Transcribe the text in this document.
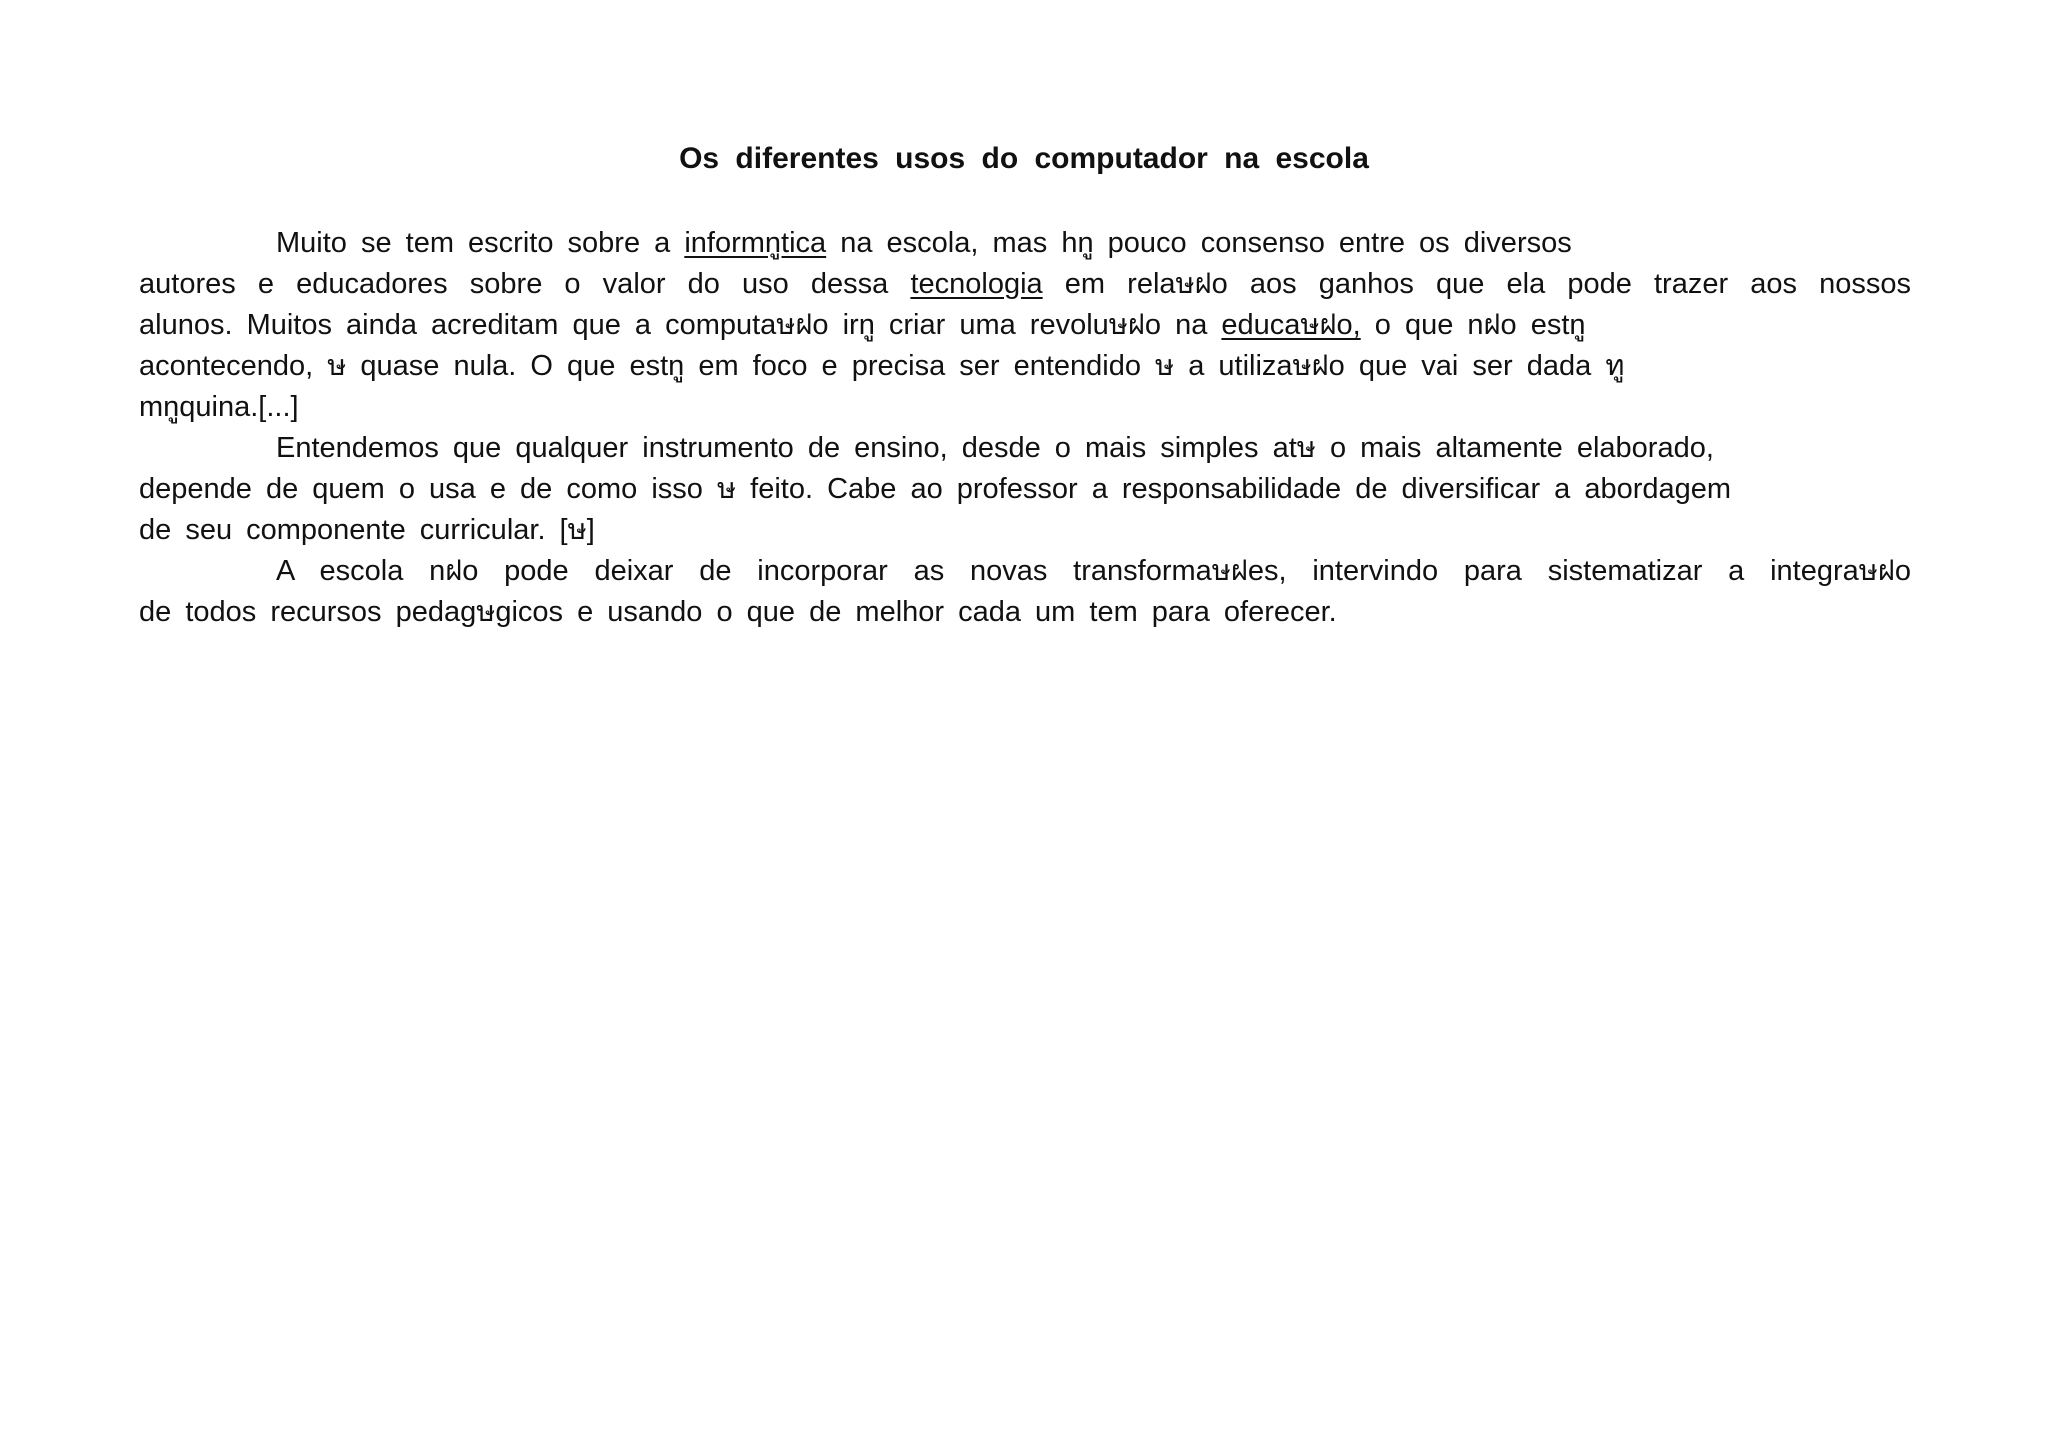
Os diferentes usos do computador na escola

Muito se tem escrito sobre a informnูtica na escola, mas hnู pouco consenso entre os diversos

autores e educadores sobre o valor do uso dessa tecnologia em relaษฝo aos ganhos que ela pode trazer aos nossos

alunos. Muitos ainda acreditam que a computaษฝo irnู criar uma revoluษฝo na educaษฝo, o que nฝo estnู

acontecendo, ษ quase nula. O que estnู em foco e precisa ser entendido ษ a utilizaษฝo que vai ser dada ทู

mnูquina.[...]

Entendemos que qualquer instrumento de ensino, desde o mais simples atษ o mais altamente elaborado,

depende de quem o usa e de como isso ษ feito. Cabe ao professor a responsabilidade de diversificar a abordagem

de seu componente curricular. [ษ]

A escola nฝo pode deixar de incorporar as novas transformaษฝes, intervindo para sistematizar a integraษฝo

de todos recursos pedagษgicos e usando o que de melhor cada um tem para oferecer.
